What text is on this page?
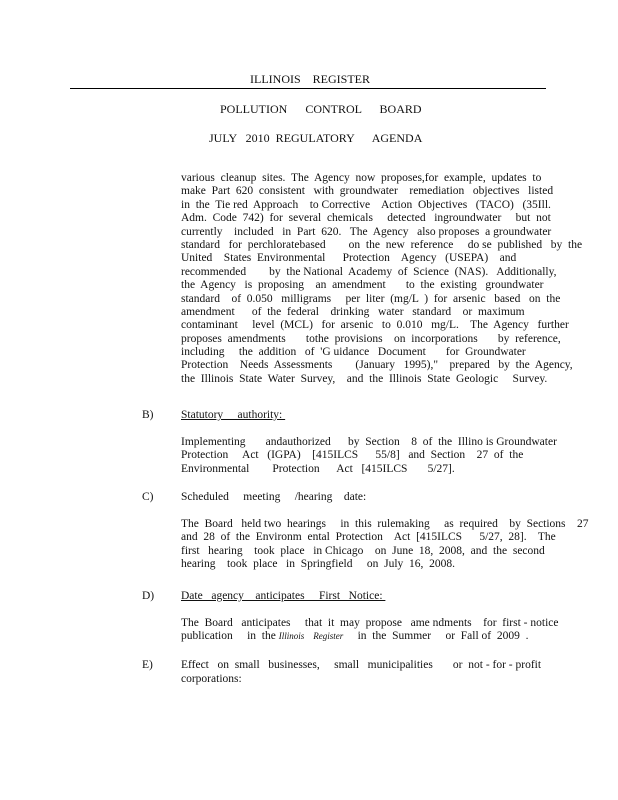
ILLINOIS    REGISTER
POLLUTION      CONTROL      BOARD
JULY   2010  REGULATORY      AGENDA
various  cleanup  sites.  The  Agency  now  proposes,for  example,  updates  to
make  Part  620  consistent   with  groundwater    remediation   objectives   listed
in  the  Tie red  Approach    to Corrective    Action  Objectives   (TACO)   (35Ill.
Adm.  Code  742)  for  several  chemicals     detected   ingroundwater     but  not
currently    included   in  Part  620.   The  Agency   also proposes  a groundwater
standard   for  perchloratebased        on  the  new  reference     do se  published   by  the
United    States  Environmental      Protection    Agency   (USEPA)    and
recommended        by  the National  Academy  of  Science  (NAS).   Additionally,
the  Agency   is  proposing    an  amendment       to  the  existing   groundwater
standard    of  0.050   milligrams     per  liter  (mg/L  )  for  arsenic   based   on  the
amendment      of  the  federal    drinking   water   standard    or  maximum
contaminant     level  (MCL)   for  arsenic   to  0.010   mg/L.    The  Agency   further
proposes  amendments       tothe  provisions    on  incorporations       by  reference,
including     the  addition   of  'G uidance   Document       for  Groundwater
Protection    Needs  Assessments        (January   1995),"    prepared   by  the  Agency,
the  Illinois  State  Water  Survey,    and  the  Illinois  State  Geologic     Survey.
B) Statutory     authority:
Implementing       andauthorized      by  Section    8  of  the  Illino is Groundwater
Protection     Act   (IGPA)    [415ILCS      55/8]   and  Section    27  of  the
Environmental        Protection      Act   [415ILCS       5/27].
C) Scheduled     meeting     /hearing    date:
The  Board   held two  hearings     in  this  rulemaking     as  required    by  Sections    27
and  28  of  the  Environm  ental  Protection    Act  [415ILCS      5/27,  28].    The
first   hearing    took  place   in Chicago    on  June  18,  2008,  and  the  second
hearing    took  place   in  Springfield     on  July  16,  2008.
D) Date   agency    anticipates     First   Notice:
The  Board   anticipates     that  it  may  propose   ame ndments    for  first - notice
publication     in  the Illinois    Register     in  the  Summer     or  Fall of  2009  .
E) Effect   on  small   businesses,     small   municipalities       or  not - for - profit
corporations:
